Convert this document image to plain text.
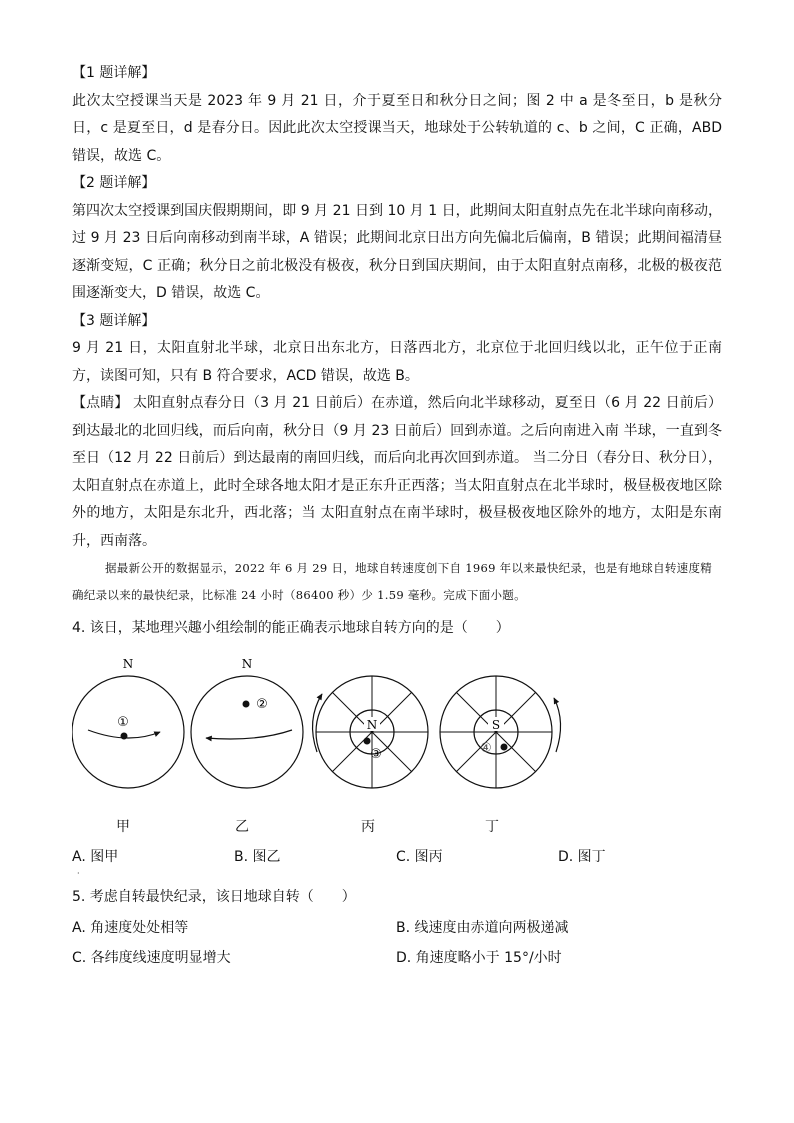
【1 题详解】

此次太空授课当天是 2023 年 9 月 21 日，介于夏至日和秋分日之间；图 2 中 a 是冬至日，b 是秋分日，c 是夏至日，d 是春分日。因此此次太空授课当天，地球处于公转轨道的 c、b 之间，C 正确，ABD 错误，故选 C。

【2 题详解】

第四次太空授课到国庆假期期间，即 9 月 21 日到 10 月 1 日，此期间太阳直射点先在北半球向南移动，过 9 月 23 日后向南移动到南半球，A 错误；此期间北京日出方向先偏北后偏南，B 错误；此期间福清昼逐渐变短，C 正确；秋分日之前北极没有极夜，秋分日到国庆期间，由于太阳直射点南移，北极的极夜范围逐渐变大，D 错误，故选 C。

【3 题详解】

9 月 21 日，太阳直射北半球，北京日出东北方，日落西北方，北京位于北回归线以北，正午位于正南方，读图可知，只有 B 符合要求，ACD 错误，故选 B。

【点睛】 太阳直射点春分日（3 月 21 日前后）在赤道，然后向北半球移动，夏至日（6 月 22 日前后）到达最北的北回归线，而后向南，秋分日（9 月 23 日前后）回到赤道。之后向南进入南 半球，一直到冬至日（12 月 22 日前后）到达最南的南回归线，而后向北再次回到赤道。 当二分日（春分日、秋分日），太阳直射点在赤道上，此时全球各地太阳才是正东升正西落；当太阳直射点在北半球时，极昼极夜地区除外的地方，太阳是东北升，西北落；当 太阳直射点在南半球时，极昼极夜地区除外的地方，太阳是东南升，西南落。

据最新公开的数据显示，2022 年 6 月 29 日，地球自转速度创下自 1969 年以来最快纪录，也是有地球自转速度精确纪录以来的最快纪录，比标准 24 小时（86400 秒）少 1.59 毫秒。完成下面小题。

4. 该日，某地理兴趣小组绘制的能正确表示地球自转方向的是（　　）

N
①
N
②
N
③
S
④
甲	乙	丙	丁
A. 图甲
·
B. 图乙	C. 图丙	D. 图丁

5. 考虑自转最快纪录，该日地球自转（　　）

A. 角速度处处相等	B. 线速度由赤道向两极递减
C. 各纬度线速度明显增大	D. 角速度略小于 15°/小时
